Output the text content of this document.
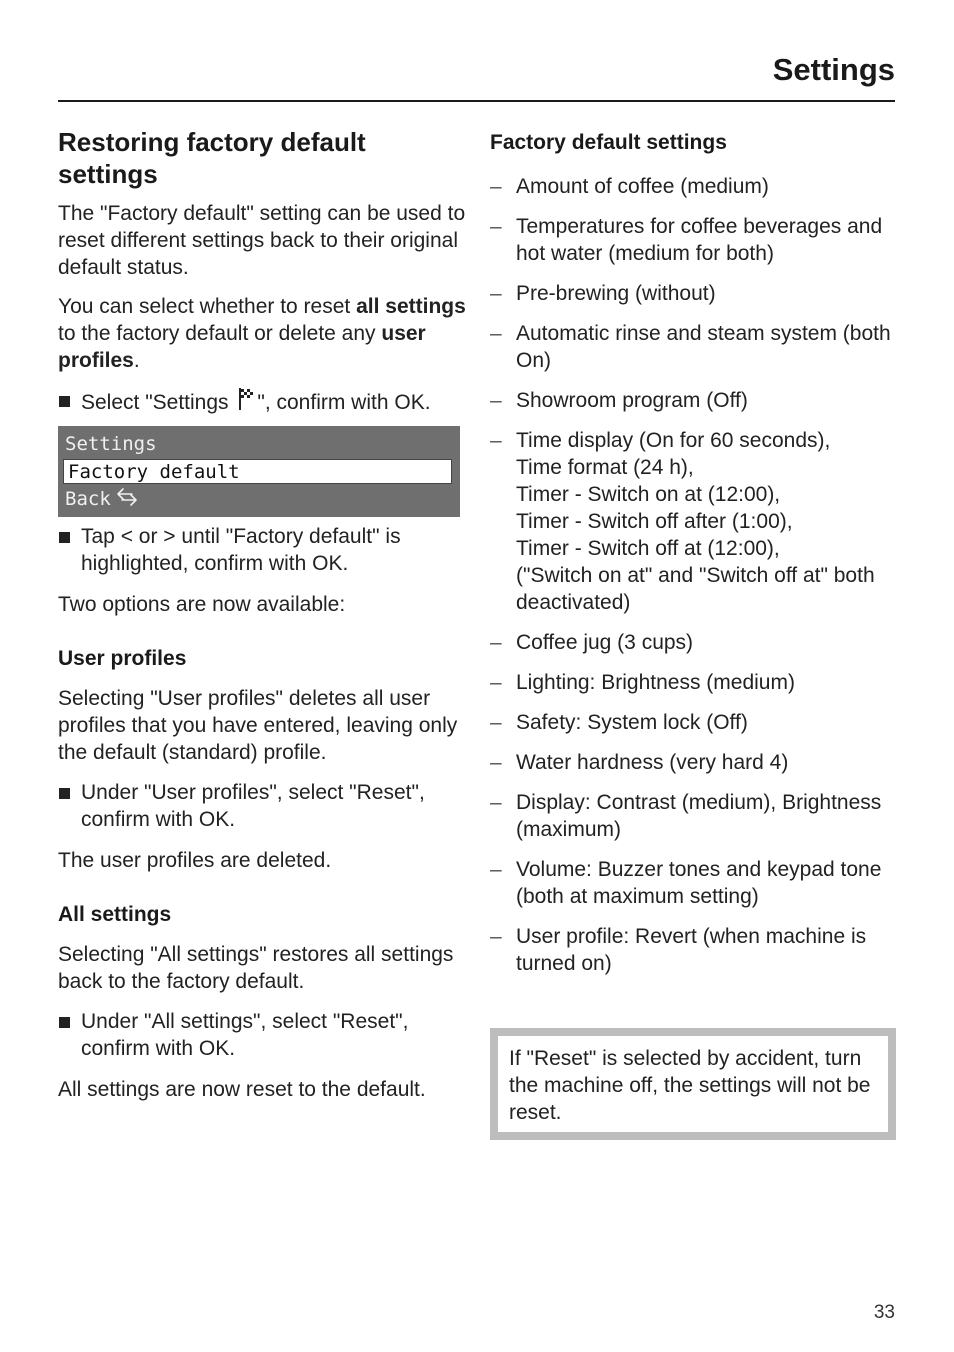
Settings
Restoring factory default settings

The "Factory default" setting can be used to reset different settings back to their original default status.

You can select whether to reset all settings to the factory default or delete any user profiles.

Select "Settings ", confirm with OK.
Settings
Factory default
Back
Tap < or > until "Factory default" is highlighted, confirm with OK.

Two options are now available:

User profiles

Selecting "User profiles" deletes all user profiles that you have entered, leaving only the default (standard) profile.

Under "User profiles", select "Reset", confirm with OK.

The user profiles are deleted.

All settings

Selecting "All settings" restores all settings back to the factory default.

Under "All settings", select "Reset", confirm with OK.

All settings are now reset to the default.

Factory default settings
– Amount of coffee (medium)
– Temperatures for coffee beverages and hot water (medium for both)
– Pre-brewing (without)
– Automatic rinse and steam system (both On)
– Showroom program (Off)
– Time display (On for 60 seconds),
Time format (24 h),
Timer - Switch on at (12:00),
Timer - Switch off after (1:00),
Timer - Switch off at (12:00),
("Switch on at" and "Switch off at" both deactivated)
– Coffee jug (3 cups)
– Lighting: Brightness (medium)
– Safety: System lock (Off)
– Water hardness (very hard 4)
– Display: Contrast (medium), Brightness (maximum)
– Volume: Buzzer tones and keypad tone (both at maximum setting)
– User profile: Revert (when machine is turned on)

If "Reset" is selected by accident, turn the machine off, the settings will not be reset.

33
